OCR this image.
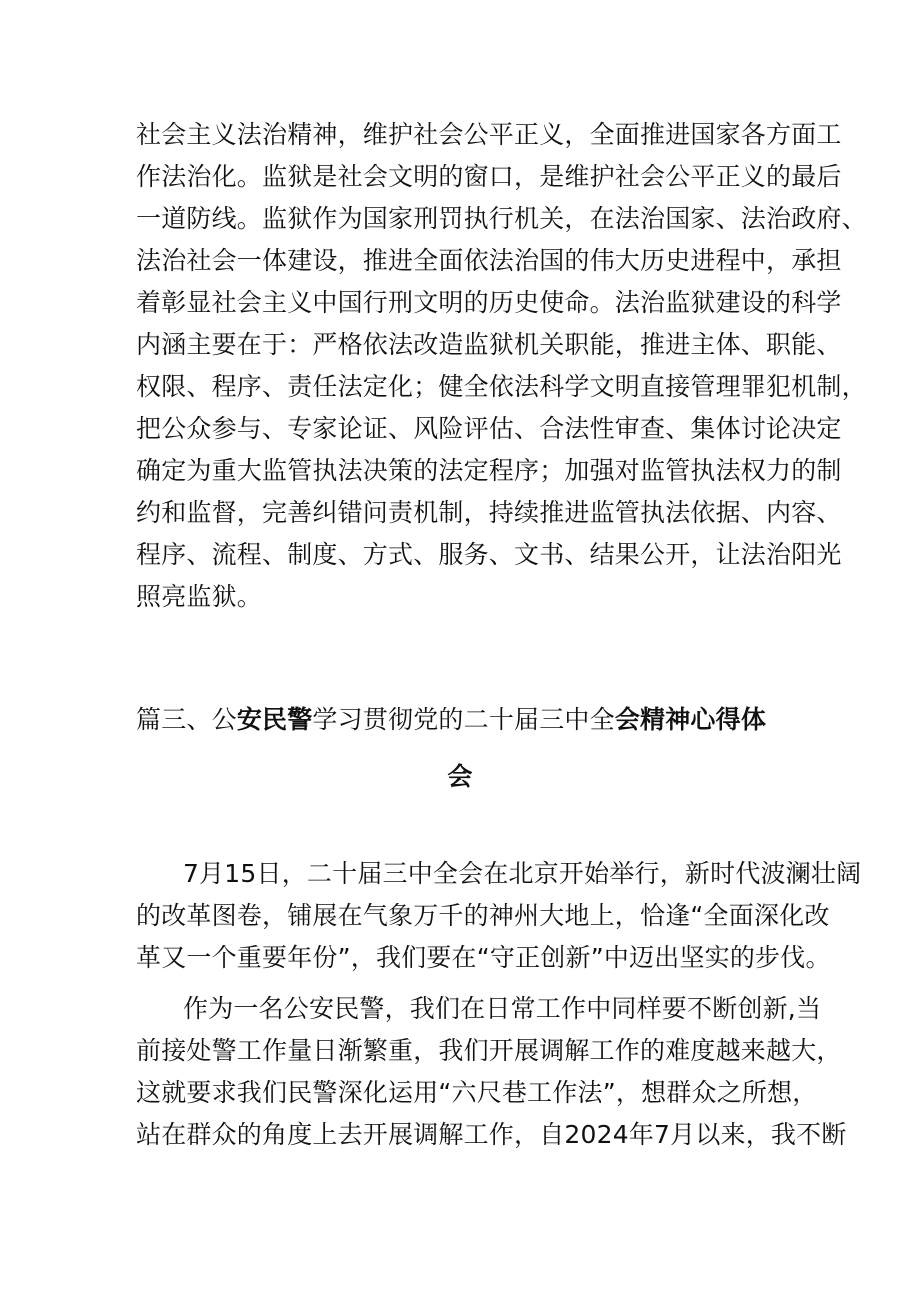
社会主义法治精神，维护社会公平正义，全面推进国家各方面工
作法治化。监狱是社会文明的窗口，是维护社会公平正义的最后
一道防线。监狱作为国家刑罚执行机关，在法治国家、法治政府、
法治社会一体建设，推进全面依法治国的伟大历史进程中，承担
着彰显社会主义中国行刑文明的历史使命。法治监狱建设的科学
内涵主要在于：严格依法改造监狱机关职能，推进主体、职能、
权限、程序、责任法定化；健全依法科学文明直接管理罪犯机制，
把公众参与、专家论证、风险评估、合法性审查、集体讨论决定
确定为重大监管执法决策的法定程序；加强对监管执法权力的制
约和监督，完善纠错问责机制，持续推进监管执法依据、内容、
程序、流程、制度、方式、服务、文书、结果公开，让法治阳光
照亮监狱。
篇三、公安民警学习贯彻党的二十届三中全会精神心得体
会
7月15日，二十届三中全会在北京开始举行，新时代波澜壮阔
的改革图卷，铺展在气象万千的神州大地上，恰逢“全面深化改
革又一个重要年份”，我们要在“守正创新”中迈出坚实的步伐。
作为一名公安民警，我们在日常工作中同样要不断创新,当
前接处警工作量日渐繁重，我们开展调解工作的难度越来越大，
这就要求我们民警深化运用“六尺巷工作法”，想群众之所想，
站在群众的角度上去开展调解工作，自2024年7月以来，我不断
